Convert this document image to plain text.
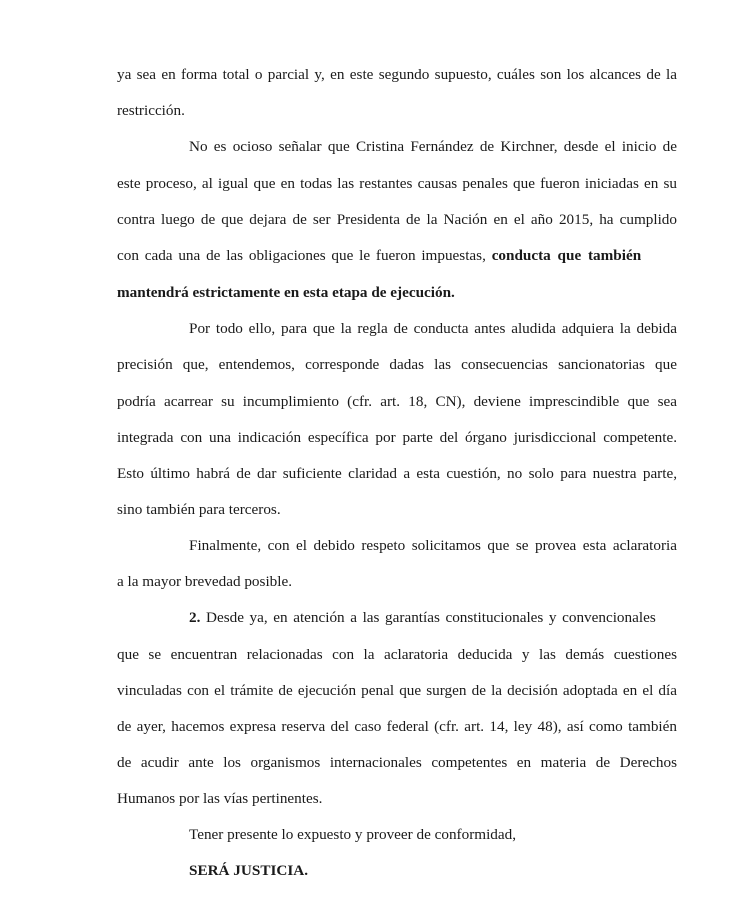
ya sea en forma total o parcial y, en este segundo supuesto, cuáles son los alcances de la
restricción.
No es ocioso señalar que Cristina Fernández de Kirchner, desde el inicio de
este proceso, al igual que en todas las restantes causas penales que fueron iniciadas en su
contra luego de que dejara de ser Presidenta de la Nación en el año 2015, ha cumplido
con cada una de las obligaciones que le fueron impuestas, conducta que también
mantendrá estrictamente en esta etapa de ejecución.
Por todo ello, para que la regla de conducta antes aludida adquiera la debida
precisión que, entendemos, corresponde dadas las consecuencias sancionatorias que
podría acarrear su incumplimiento (cfr. art. 18, CN), deviene imprescindible que sea
integrada con una indicación específica por parte del órgano jurisdiccional competente.
Esto último habrá de dar suficiente claridad a esta cuestión, no solo para nuestra parte,
sino también para terceros.
Finalmente, con el debido respeto solicitamos que se provea esta aclaratoria
a la mayor brevedad posible.
2. Desde ya, en atención a las garantías constitucionales y convencionales
que se encuentran relacionadas con la aclaratoria deducida y las demás cuestiones
vinculadas con el trámite de ejecución penal que surgen de la decisión adoptada en el día
de ayer, hacemos expresa reserva del caso federal (cfr. art. 14, ley 48), así como también
de acudir ante los organismos internacionales competentes en materia de Derechos
Humanos por las vías pertinentes.
Tener presente lo expuesto y proveer de conformidad,
SERÁ JUSTICIA.
